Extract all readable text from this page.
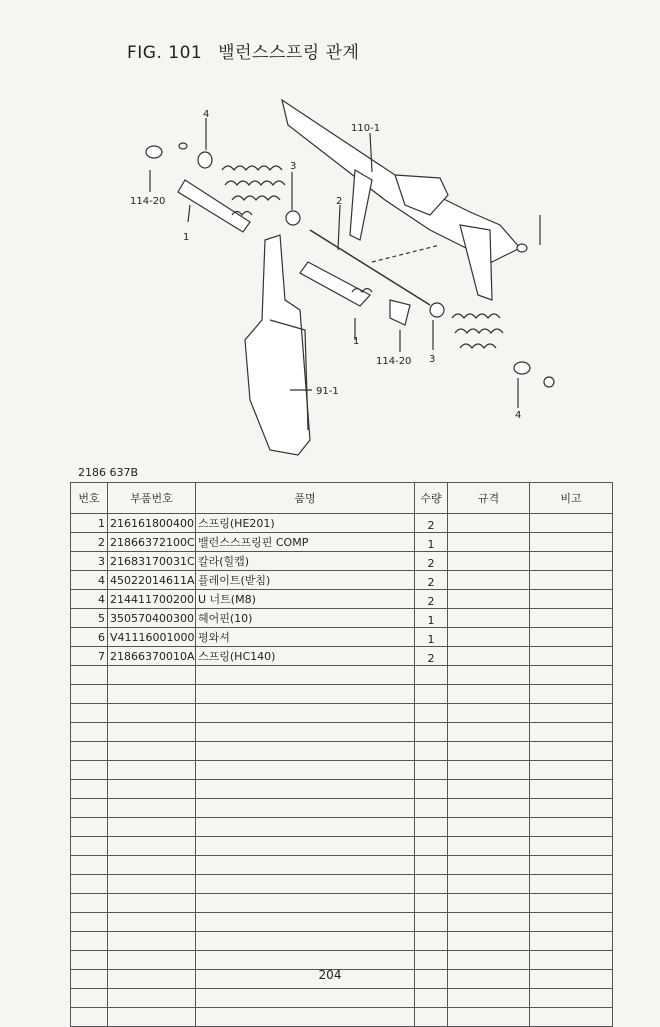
FIG. 101 밸런스스프링 관계
4
110-1
3
114-20	2
1
1
114-20 3
91-1
4
2186 637B
번호	부품번호	품명	수량	규격	비고
1	216161800400	스프링(HE201)	2		
2	21866372100C	밸런스스프링핀 COMP	1		
3	21683170031C	칼라(힐캡)	2		
4	45022014611A	플레이트(받침)	2		
4	214411700200	U 너트(M8)	2		
5	350570400300	헤어핀(10)	1		
6	V41116001000	평와셔	1		
7	21866370010A	스프링(HC140)	2		

204
